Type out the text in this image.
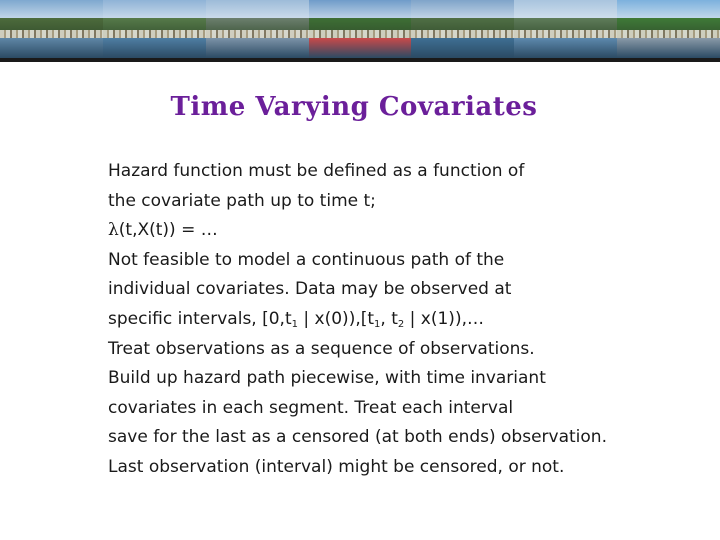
Time Varying Covariates
Hazard function must be defined as a function of
the covariate path up to time t;
λ(t,X(t)) = …
Not feasible to model a continuous path of the
individual covariates. Data may be observed at
specific intervals, [$0,t_1$ | $x(0)),[t_1$, $t_2$ | x(1)),…
Treat observations as a sequence of observations.
Build up hazard path piecewise, with time invariant
covariates in each segment. Treat each interval
save for the last as a censored (at both ends) observation.
Last observation (interval) might be censored, or not.
